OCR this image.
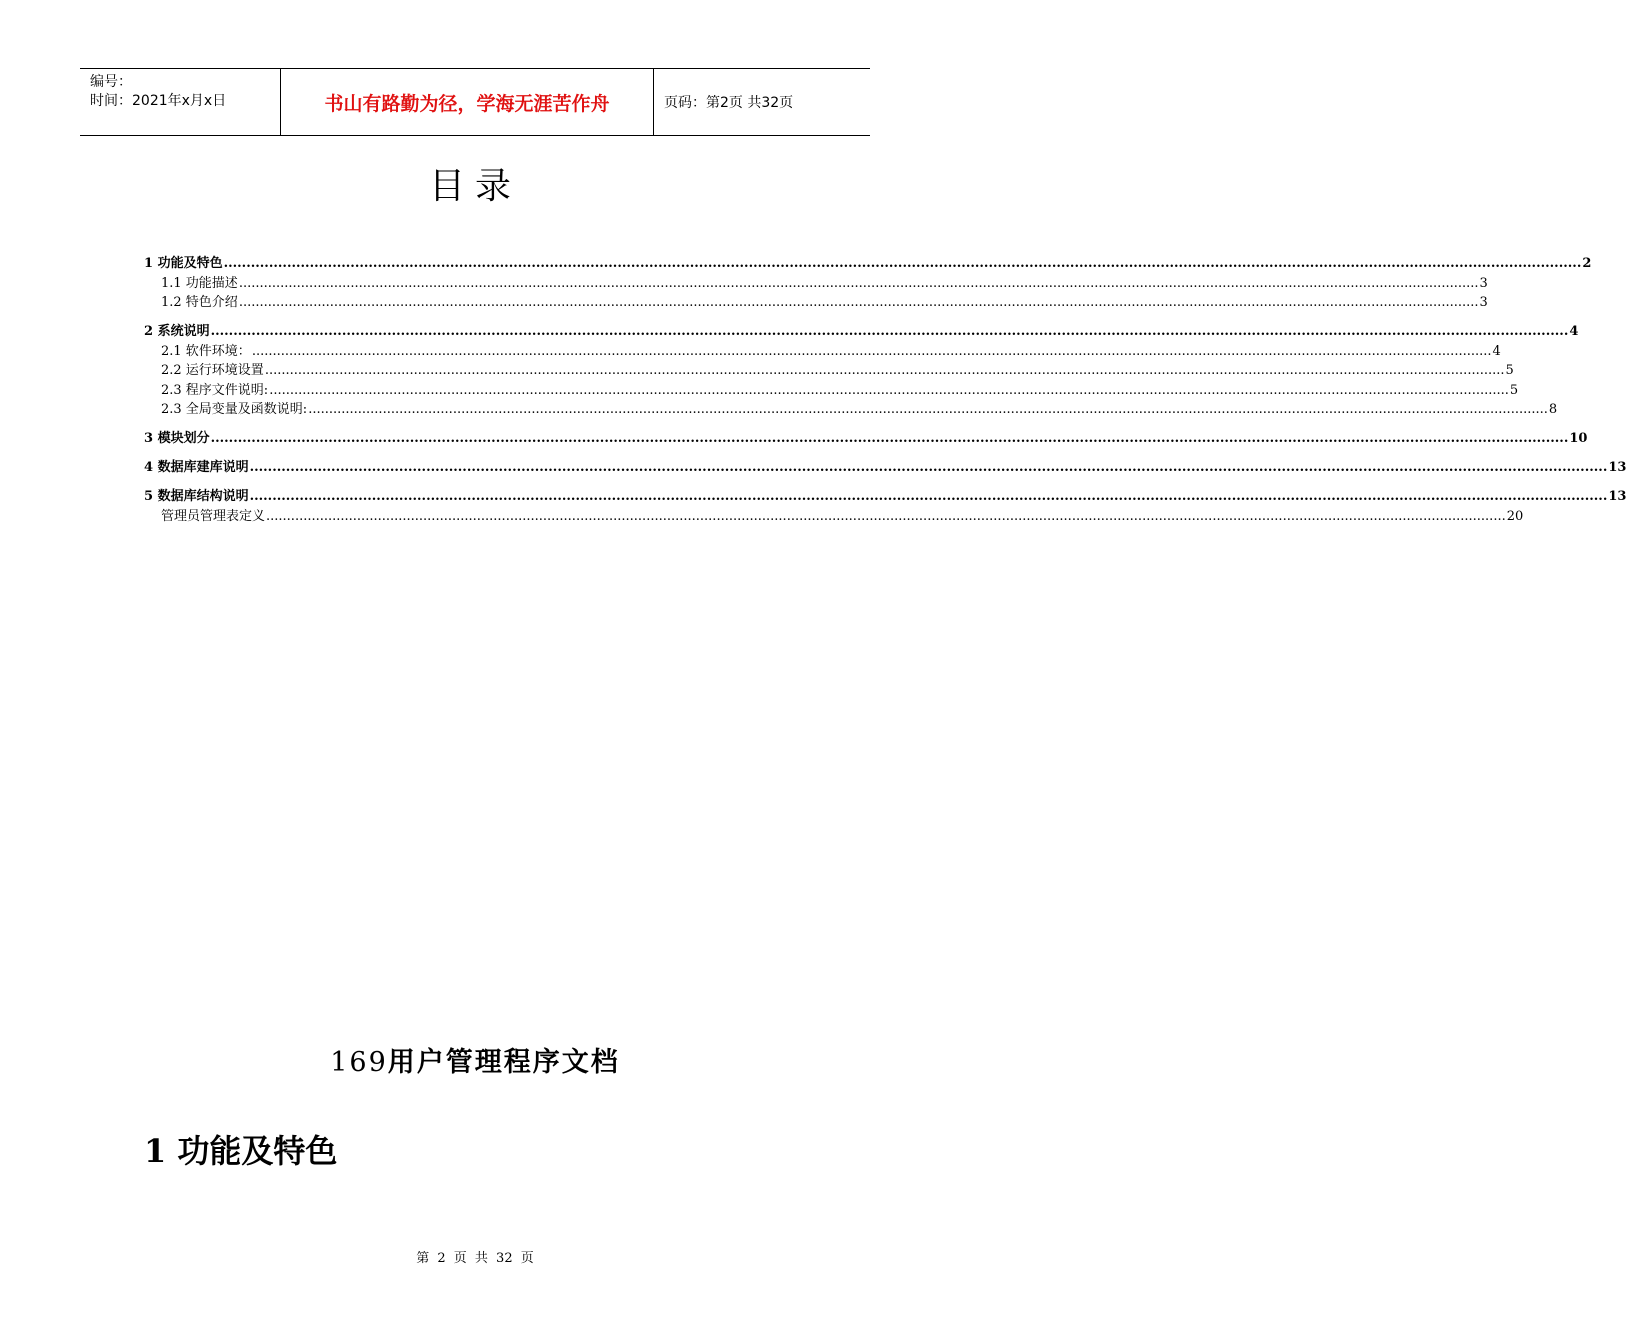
编号：
时间：2021年x月x日	书山有路勤为径，学海无涯苦作舟	页码：第2页 共32页
目录
1 功能及特色 ............................................................................................................................................................................................................................................................................................................ 2
1.1 功能描述 ............................................................................................................................................................................................................................................................................................................ 3
1.2 特色介绍 ............................................................................................................................................................................................................................................................................................................ 3
2 系统说明 ............................................................................................................................................................................................................................................................................................................ 4
2.1 软件环境： ............................................................................................................................................................................................................................................................................................................ 4
2.2 运行环境设置 ............................................................................................................................................................................................................................................................................................................ 5
2.3 程序文件说明: ............................................................................................................................................................................................................................................................................................................ 5
2.3 全局变量及函数说明: ............................................................................................................................................................................................................................................................................................................ 8
3 模块划分 ............................................................................................................................................................................................................................................................................................................ 10
4 数据库建库说明 ............................................................................................................................................................................................................................................................................................................ 13
5 数据库结构说明 ............................................................................................................................................................................................................................................................................................................ 13
管理员管理表定义 ............................................................................................................................................................................................................................................................................................................ 20
169用户管理程序文档
1 功能及特色
第 2 页 共 32 页
